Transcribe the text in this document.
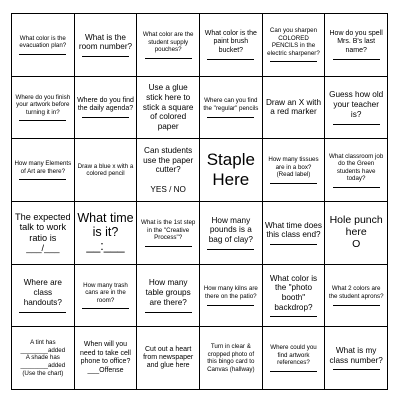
What color is the evacuation plan?
What is the room number?
What color are the student supply pouches?
What color is the paint brush bucket?
Can you sharpen COLORED PENCILS in the electric sharpener?
How do you spell Mrs. B's last name?
Where do you finish your artwork before turning it in?
Where do you find the daily agenda?
Use a glue stick here to stick a square of colored paper
Where can you find the "regular" pencils
Draw an X with a red marker
Guess how old your teacher is?
How many Elements of Art are there?
Draw a blue x with a colored pencil
Can students use the paper cutter?

YES / NO
Staple Here
How many tissues are in a box?
(Read label)
What classroom job do the Green students have today?
The expected talk to work ratio is ___/___
What time is it?
__:___
What is the 1st step in the "Creative Process"?
How many pounds is a bag of clay?
What time does this class end?
Hole punch here
O
Where are class handouts?
How many trash cans are in the room?
How many table groups are there?
How many kilns are there on the patio?
What color is the "photo booth" backdrop?
What 2 colors are the student aprons?
A tint has ________added
A shade has ________added
(Use the chart)
When will you need to take cell phone to office?
___Offense
Cut out a heart from newspaper and glue here
Turn in clear & cropped photo of this bingo card to Canvas (hallway)
Where could you find artwork references?
What is my class number?
